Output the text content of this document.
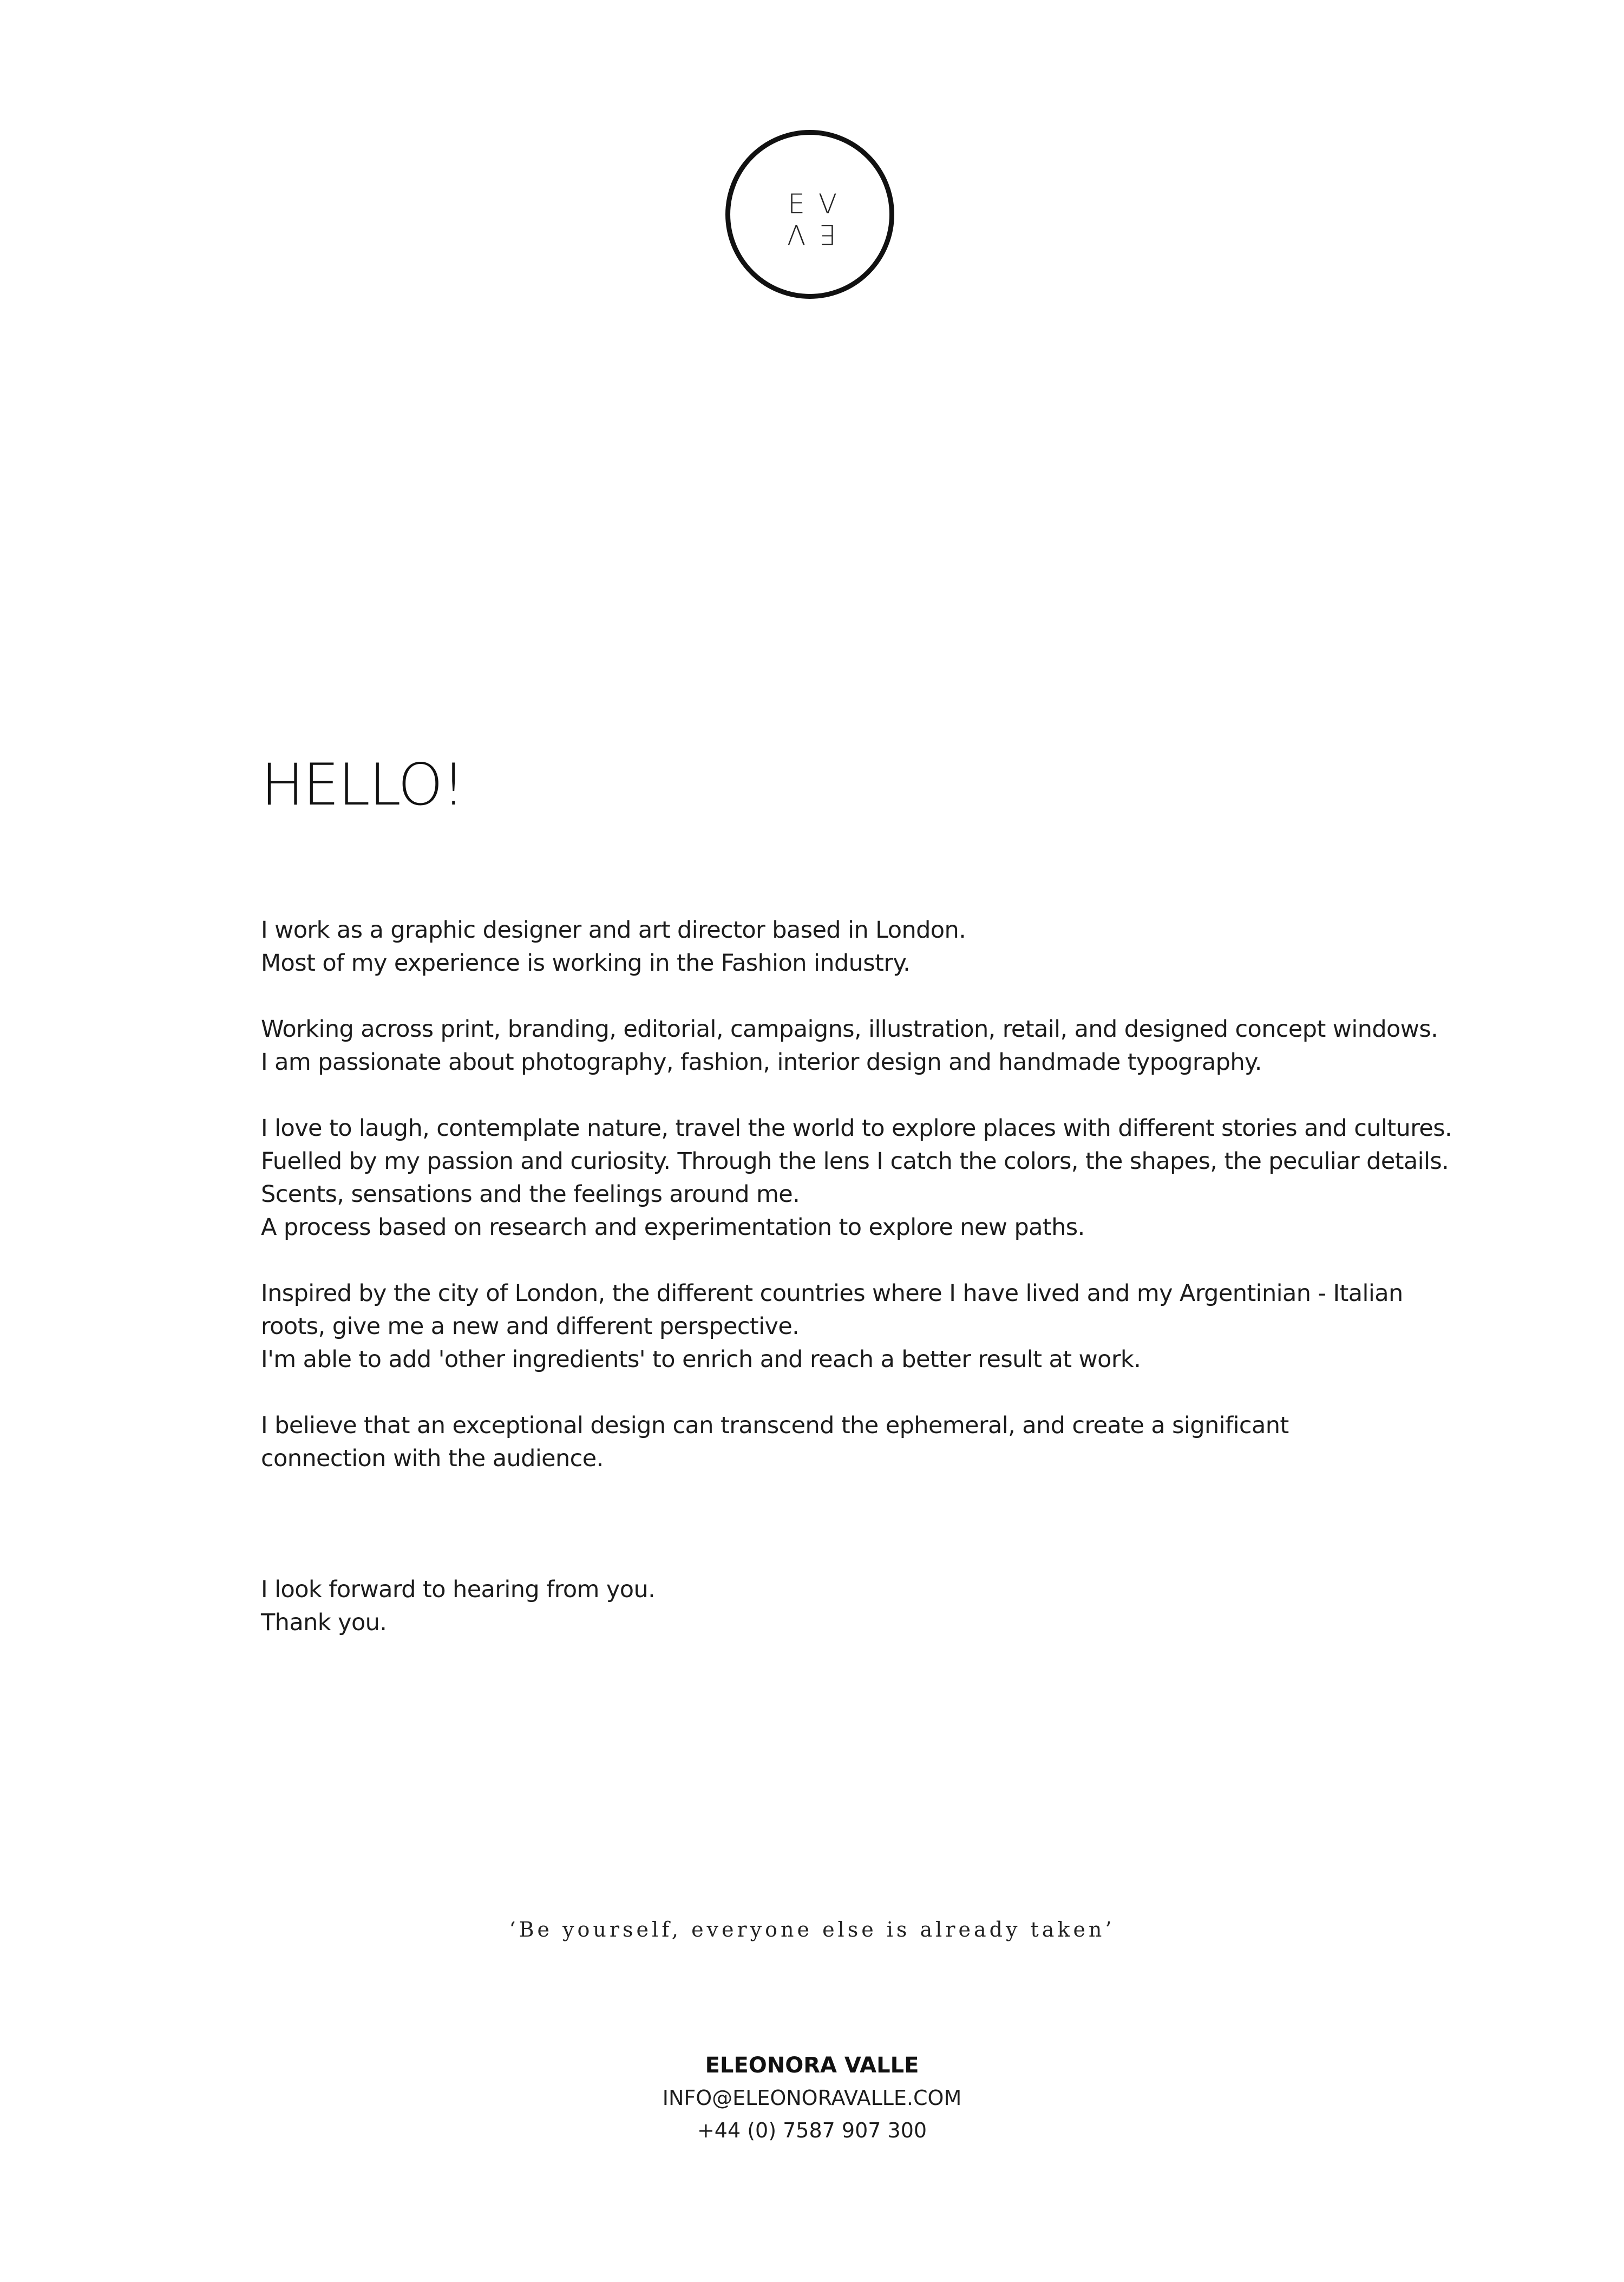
E V
V E
HELLO!
I work as a graphic designer and art director based in London.
Most of my experience is working in the Fashion industry.
Working across print, branding, editorial, campaigns, illustration, retail, and designed concept windows.
I am passionate about photography, fashion, interior design and handmade typography.
I love to laugh, contemplate nature, travel the world to explore places with different stories and cultures.
Fuelled by my passion and curiosity. Through the lens I catch the colors, the shapes, the peculiar details.
Scents, sensations and the feelings around me.
A process based on research and experimentation to explore new paths.
Inspired by the city of London, the different countries where I have lived and my Argentinian - Italian
roots, give me a new and different perspective.
I'm able to add 'other ingredients' to enrich and reach a better result at work.
I believe that an exceptional design can transcend the ephemeral, and create a significant
connection with the audience.
I look forward to hearing from you.
Thank you.
‘Be yourself, everyone else is already taken’
ELEONORA VALLE
INFO@ELEONORAVALLE.COM
+44 (0) 7587 907 300
